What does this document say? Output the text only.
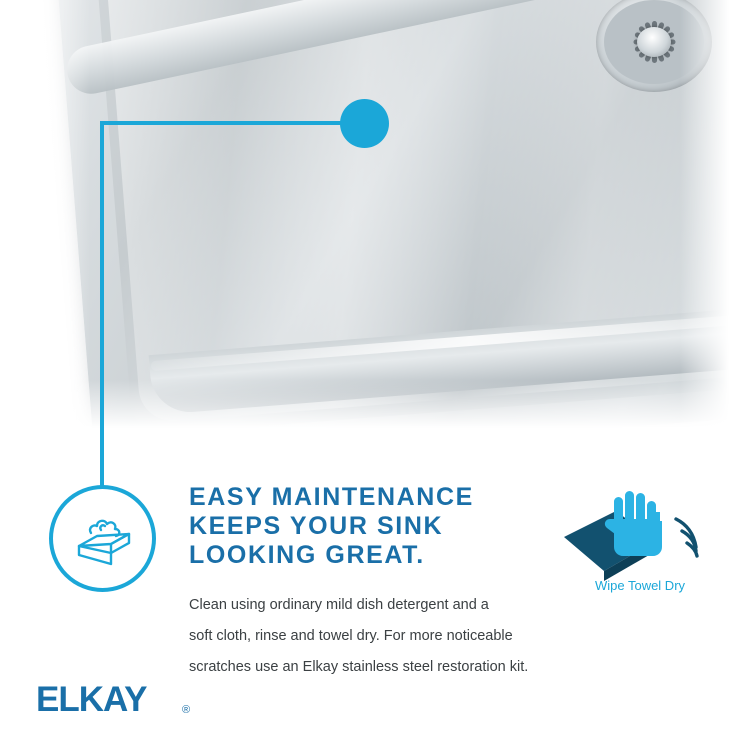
EASY MAINTENANCE
KEEPS YOUR SINK
LOOKING GREAT.
Clean using ordinary mild dish detergent and a
soft cloth, rinse and towel dry. For more noticeable
scratches use an Elkay stainless steel restoration kit.
Wipe Towel Dry
ELKAY	®
